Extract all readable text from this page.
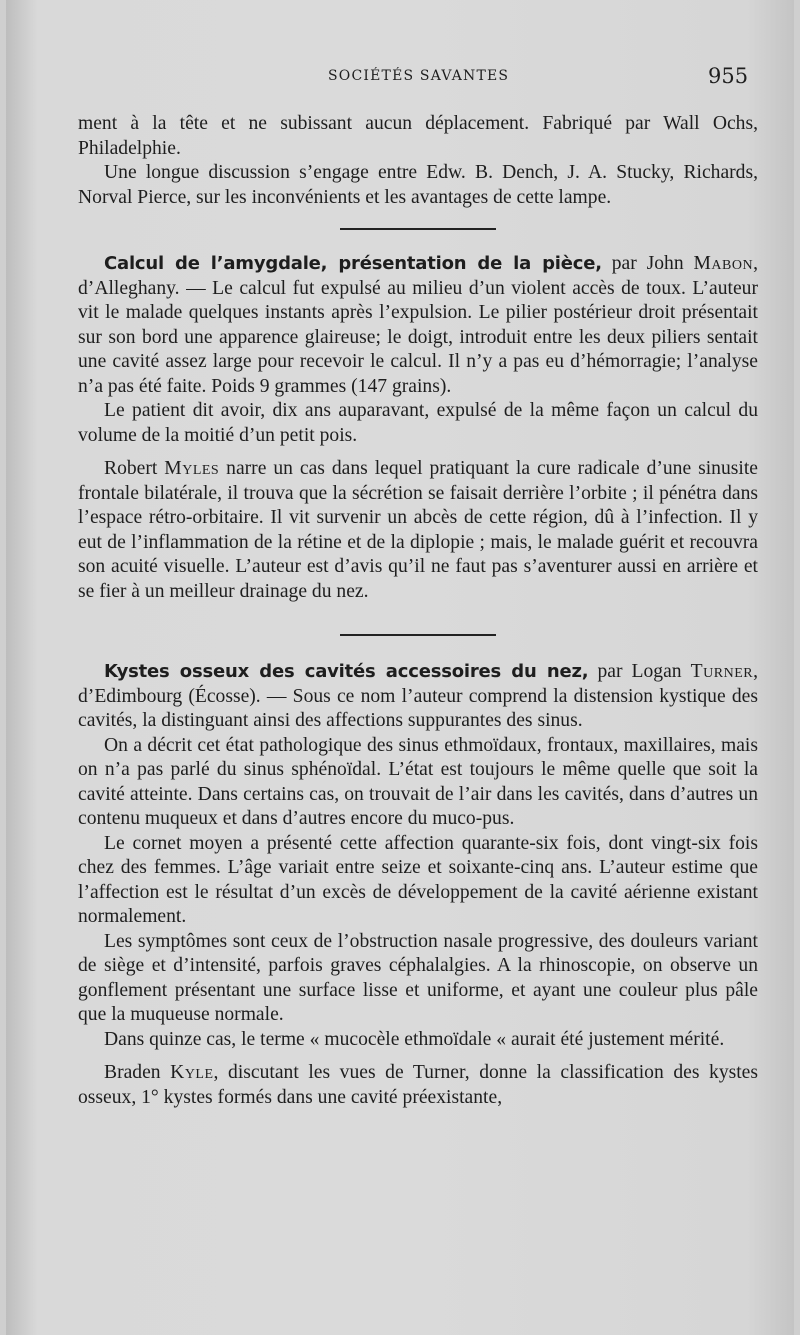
SOCIÉTÉS SAVANTES	955

ment à la tête et ne subissant aucun déplacement. Fabriqué par Wall Ochs, Philadelphie.

Une longue discussion s’engage entre Edw. B. Dench, J. A. Stucky, Richards, Norval Pierce, sur les inconvénients et les avantages de cette lampe.

Calcul de l’amygdale, présentation de la pièce, par John Mabon, d’Alleghany. — Le calcul fut expulsé au milieu d’un violent accès de toux. L’auteur vit le malade quelques instants après l’expulsion. Le pilier postérieur droit présentait sur son bord une apparence glaireuse; le doigt, introduit entre les deux piliers sentait une cavité assez large pour recevoir le calcul. Il n’y a pas eu d’hémorragie; l’analyse n’a pas été faite. Poids 9 grammes (147 grains).

Le patient dit avoir, dix ans auparavant, expulsé de la même façon un calcul du volume de la moitié d’un petit pois.

Robert Myles narre un cas dans lequel pratiquant la cure radicale d’une sinusite frontale bilatérale, il trouva que la sécrétion se faisait derrière l’orbite ; il pénétra dans l’espace rétro-orbitaire. Il vit survenir un abcès de cette région, dû à l’infection. Il y eut de l’inflammation de la rétine et de la diplopie ; mais, le malade guérit et recouvra son acuité visuelle. L’auteur est d’avis qu’il ne faut pas s’aventurer aussi en arrière et se fier à un meilleur drainage du nez.

Kystes osseux des cavités accessoires du nez, par Logan Turner, d’Edimbourg (Écosse). — Sous ce nom l’auteur comprend la distension kystique des cavités, la distinguant ainsi des affections suppurantes des sinus.

On a décrit cet état pathologique des sinus ethmoïdaux, frontaux, maxillaires, mais on n’a pas parlé du sinus sphénoïdal. L’état est toujours le même quelle que soit la cavité atteinte. Dans certains cas, on trouvait de l’air dans les cavités, dans d’autres un contenu muqueux et dans d’autres encore du muco-pus.

Le cornet moyen a présenté cette affection quarante-six fois, dont vingt-six fois chez des femmes. L’âge variait entre seize et soixante-cinq ans. L’auteur estime que l’affection est le résultat d’un excès de développement de la cavité aérienne existant normalement.

Les symptômes sont ceux de l’obstruction nasale progressive, des douleurs variant de siège et d’intensité, parfois graves céphalalgies. A la rhinoscopie, on observe un gonflement présentant une surface lisse et uniforme, et ayant une couleur plus pâle que la muqueuse normale.

Dans quinze cas, le terme « mucocèle ethmoïdale « aurait été justement mérité.

Braden Kyle, discutant les vues de Turner, donne la classification des kystes osseux, 1° kystes formés dans une cavité préexistante,
